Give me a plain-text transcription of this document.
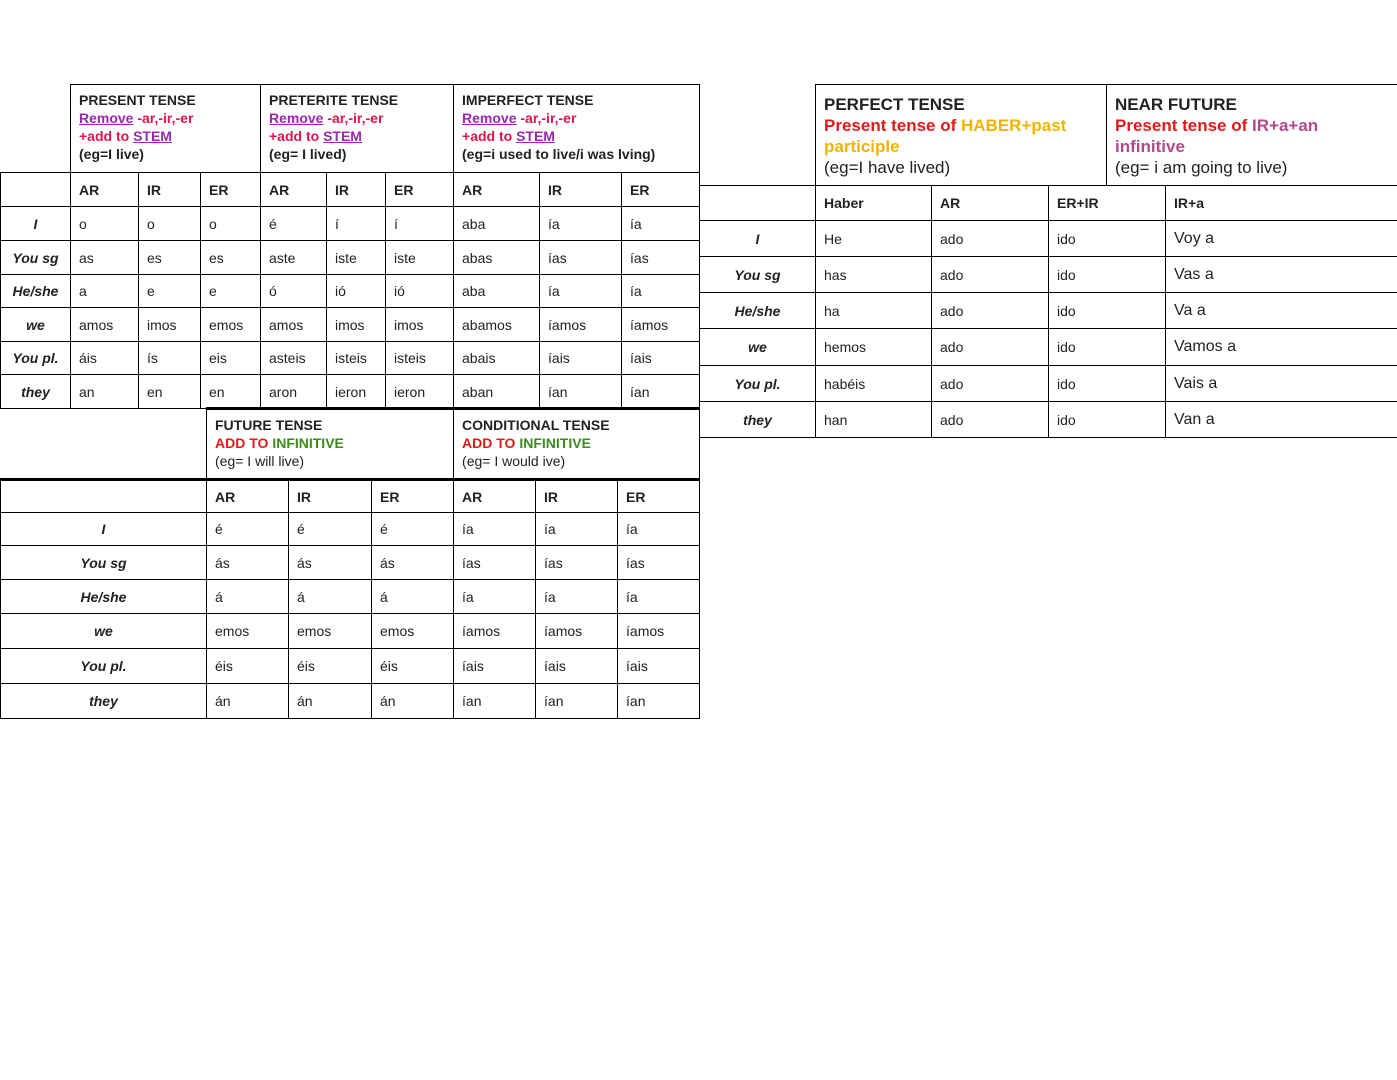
	PRESENT TENSE
Remove -ar,-ir,-er
+add to STEM
(eg=I live)			PRETERITE TENSE
Remove -ar,-ir,-er
+add to STEM
(eg= I lived)			IMPERFECT TENSE
Remove -ar,-ir,-er
+add to STEM
(eg=i used to live/i was lving)		
	AR	IR	ER	AR	IR	ER	AR	IR	ER
I	o	o	o	é	í	í	aba	ía	ía
You sg	as	es	es	aste	iste	iste	abas	ías	ías
He/she	a	e	e	ó	ió	ió	aba	ía	ía
we	amos	imos	emos	amos	imos	imos	abamos	íamos	íamos
You pl.	áis	ís	eis	asteis	isteis	isteis	abais	íais	íais
they	an	en	en	aron	ieron	ieron	aban	ían	ían

	FUTURE TENSE
ADD TO INFINITIVE
(eg= I will live)			CONDITIONAL TENSE
ADD TO INFINITIVE
(eg= I would ive)		
	AR	IR	ER	AR	IR	ER
I	é	é	é	ía	ía	ía
You sg	ás	ás	ás	ías	ías	ías
He/she	á	á	á	ía	ía	ía
we	emos	emos	emos	íamos	íamos	íamos
You pl.	éis	éis	éis	íais	íais	íais
they	án	án	án	ían	ían	ían

	PERFECT TENSE
Present tense of HABER+past
participle
(eg=I have lived)			NEAR FUTURE
Present tense of IR+a+an
infinitive
(eg= i am going to live)	
	Haber	AR	ER+IR		IR+a
I	He	ado	ido		Voy a
You sg	has	ado	ido		Vas a
He/she	ha	ado	ido		Va a
we	hemos	ado	ido		Vamos a
You pl.	habéis	ado	ido		Vais a
they	han	ado	ido		Van a
